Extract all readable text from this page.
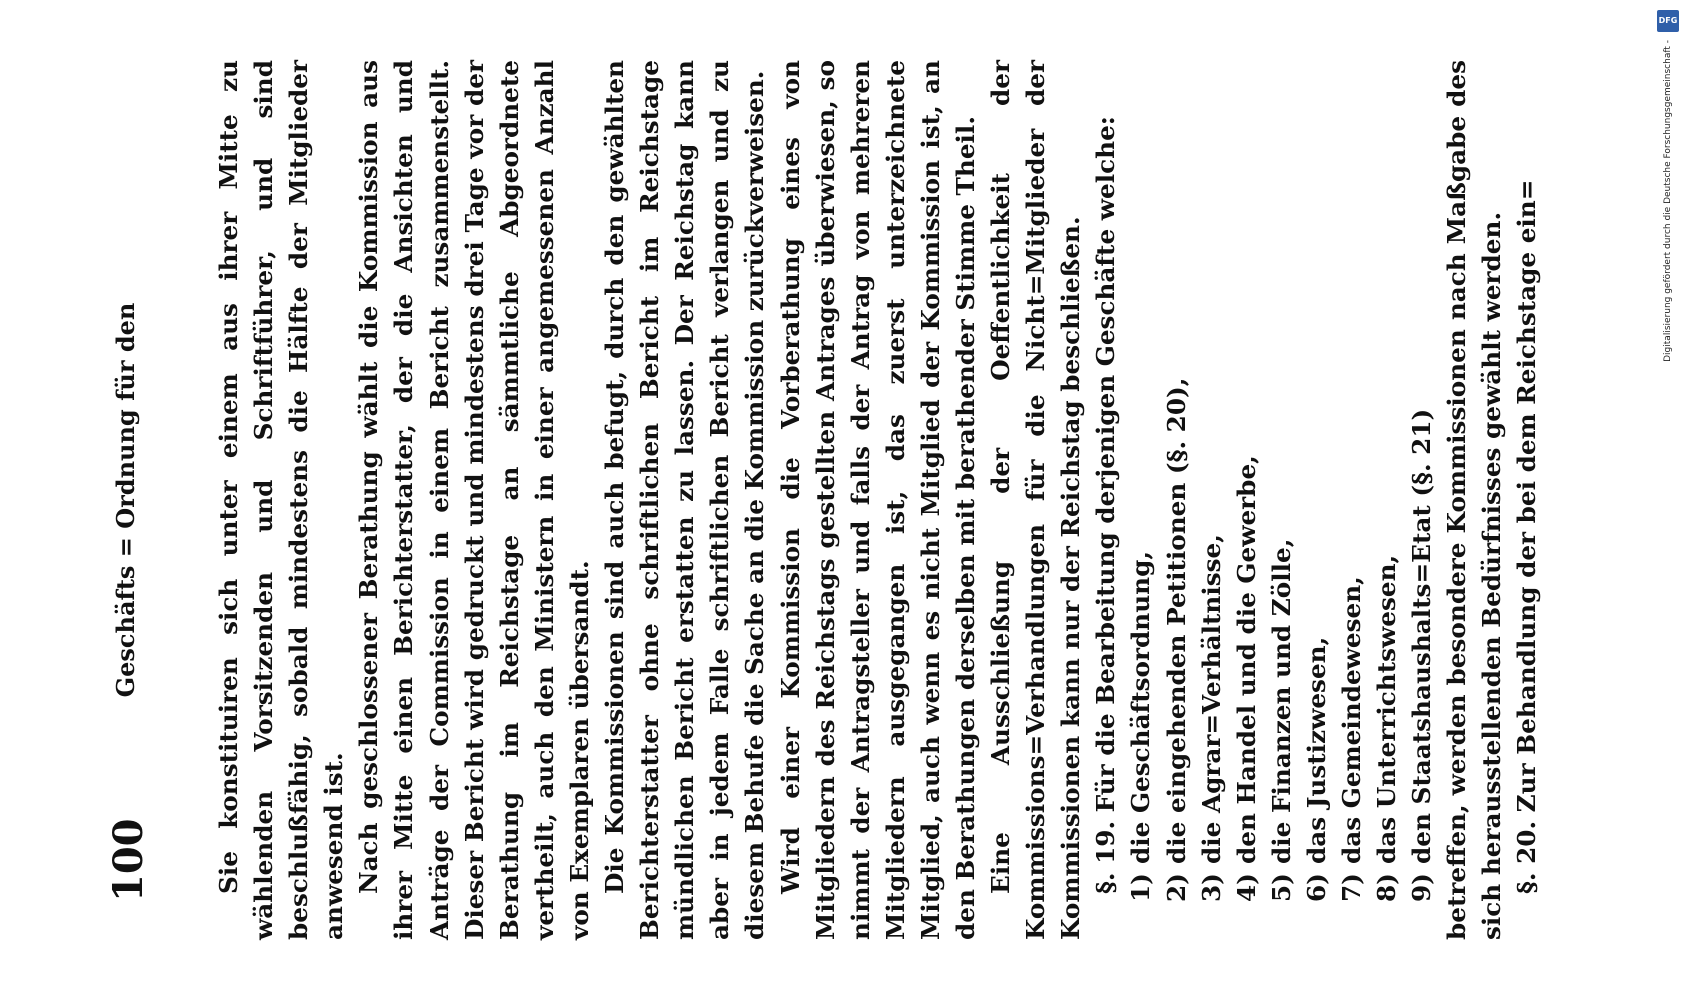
100
Geschäfts = Ordnung für den	Sie konstituiren sich unter einem aus ihrer Mitte zu wählenden Vorsitzenden und Schriftführer, und sind beschlußfähig, sobald mindestens die Hälfte der Mitglieder anwesend ist. Nach geschlossener Berathung wählt die Kommission aus ihrer Mitte einen Berichterstatter, der die Ansichten und Anträge der Commission in einem Bericht zusammenstellt. Dieser Bericht wird gedruckt und mindestens drei Tage vor der Berathung im Reichstage an sämmtliche Abgeordnete vertheilt, auch den Ministern in einer angemessenen Anzahl von Exemplaren übersandt. Die Kommissionen sind auch befugt, durch den gewählten Berichterstatter ohne schriftlichen Bericht im Reichstage mündlichen Bericht erstatten zu lassen. Der Reichstag kann aber in jedem Falle schriftlichen Bericht verlangen und zu diesem Behufe die Sache an die Kommission zurückverweisen. Wird einer Kommission die Vorberathung eines von Mitgliedern des Reichstags gestellten Antrages überwiesen, so nimmt der Antragsteller und falls der Antrag von mehreren Mitgliedern ausgegangen ist, das zuerst unterzeichnete Mitglied, auch wenn es nicht Mitglied der Kommission ist, an den Berathungen derselben mit berathender Stimme Theil. Eine Ausschließung der Oeffentlichkeit der Kommissions=Verhandlungen für die Nicht=Mitglieder der Kommissionen kann nur der Reichstag beschließen. §. 19. Für die Bearbeitung derjenigen Geschäfte welche: 1)die Geschäftsordnung,

2)die eingehenden Petitionen (§. 20),

3)die Agrar=Verhältnisse,

4)den Handel und die Gewerbe,

5)die Finanzen und Zölle,

6)das Justizwesen,

7)das Gemeindewesen,

8)das Unterrichtswesen,

9)den Staatshaushalts=Etat (§. 21) betreffen, werden besondere Kommissionen nach Maßgabe des sich herausstellenden Bedürfnisses gewählt werden. §. 20. Zur Behandlung der bei dem Reichstage ein=

DFG
Digitalisierung gefördert durch die Deutsche Forschungsgemeinschaft -
